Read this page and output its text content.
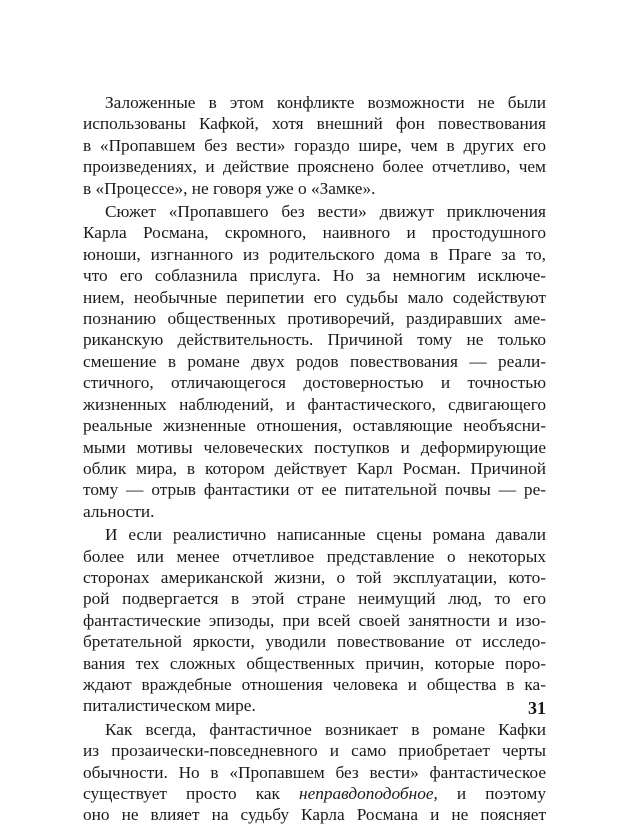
Заложенные в этом конфликте возможности не были
использованы Кафкой, хотя внешний фон повествования
в «Пропавшем без вести» гораздо шире, чем в других его
произведениях, и действие прояснено более отчетливо, чем
в «Процессе», не говоря уже о «Замке».
Сюжет «Пропавшего без вести» движут приключения
Карла Росмана, скромного, наивного и простодушного
юноши, изгнанного из родительского дома в Праге за то,
что его соблазнила прислуга. Но за немногим исключе-
нием, необычные перипетии его судьбы мало содействуют
познанию общественных противоречий, раздиравших аме-
риканскую действительность. Причиной тому не только
смешение в романе двух родов повествования — реали-
стичного, отличающегося достоверностью и точностью
жизненных наблюдений, и фантастического, сдвигающего
реальные жизненные отношения, оставляющие необъясни-
мыми мотивы человеческих поступков и деформирующие
облик мира, в котором действует Карл Росман. Причиной
тому — отрыв фантастики от ее питательной почвы — ре-
альности.
И если реалистично написанные сцены романа давали
более или менее отчетливое представление о некоторых
сторонах американской жизни, о той эксплуатации, кото-
рой подвергается в этой стране неимущий люд, то его
фантастические эпизоды, при всей своей занятности и изо-
бретательной яркости, уводили повествование от исследо-
вания тех сложных общественных причин, которые поро-
ждают враждебные отношения человека и общества в ка-
питалистическом мире.
Как всегда, фантастичное возникает в романе Кафки
из прозаически-повседневного и само приобретает черты
обычности. Но в «Пропавшем без вести» фантастическое
существует просто как неправдоподобное, и поэтому
оно не влияет на судьбу Карла Росмана и не поясняет
31
